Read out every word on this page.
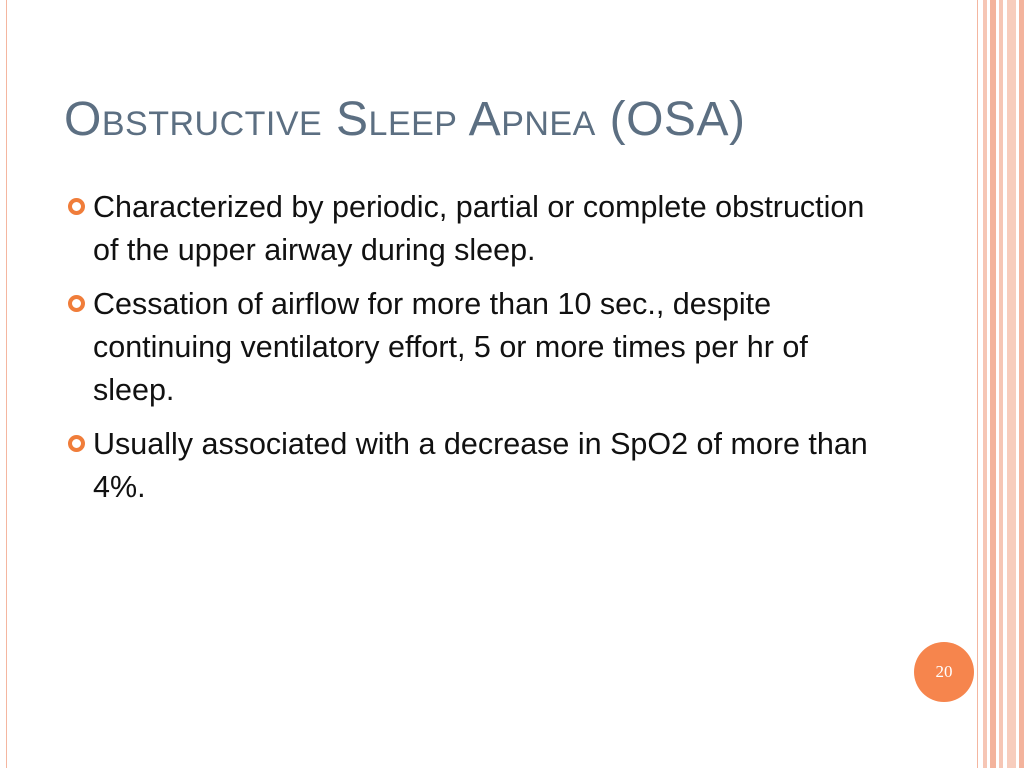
Obstructive Sleep Apnea (OSA)
Characterized by periodic, partial or complete obstruction of the upper airway during sleep.
Cessation of airflow for more than 10 sec., despite    continuing ventilatory effort, 5 or more times per hr of sleep.
Usually associated with a decrease in SpO2 of more than 4%.
20
